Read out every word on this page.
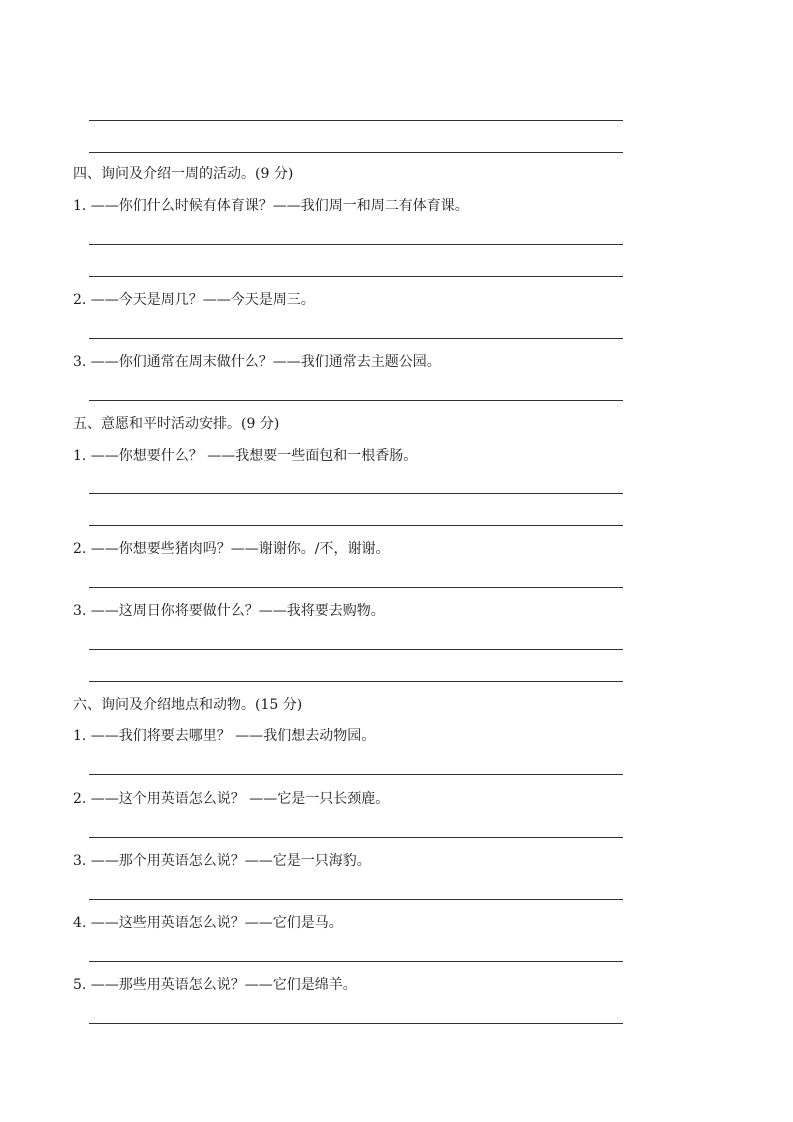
四、询问及介绍一周的活动。(9 分)
1. ——你们什么时候有体育课？——我们周一和周二有体育课。
2. ——今天是周几？——今天是周三。
3. ——你们通常在周末做什么？——我们通常去主题公园。
五、意愿和平时活动安排。(9 分)
1. ——你想要什么？ ——我想要一些面包和一根香肠。
2. ——你想要些猪肉吗？——谢谢你。/不，谢谢。
3. ——这周日你将要做什么？——我将要去购物。
六、询问及介绍地点和动物。(15 分)
1. ——我们将要去哪里？ ——我们想去动物园。
2. ——这个用英语怎么说？ ——它是一只长颈鹿。
3. ——那个用英语怎么说？——它是一只海豹。
4. ——这些用英语怎么说？——它们是马。
5. ——那些用英语怎么说？——它们是绵羊。
